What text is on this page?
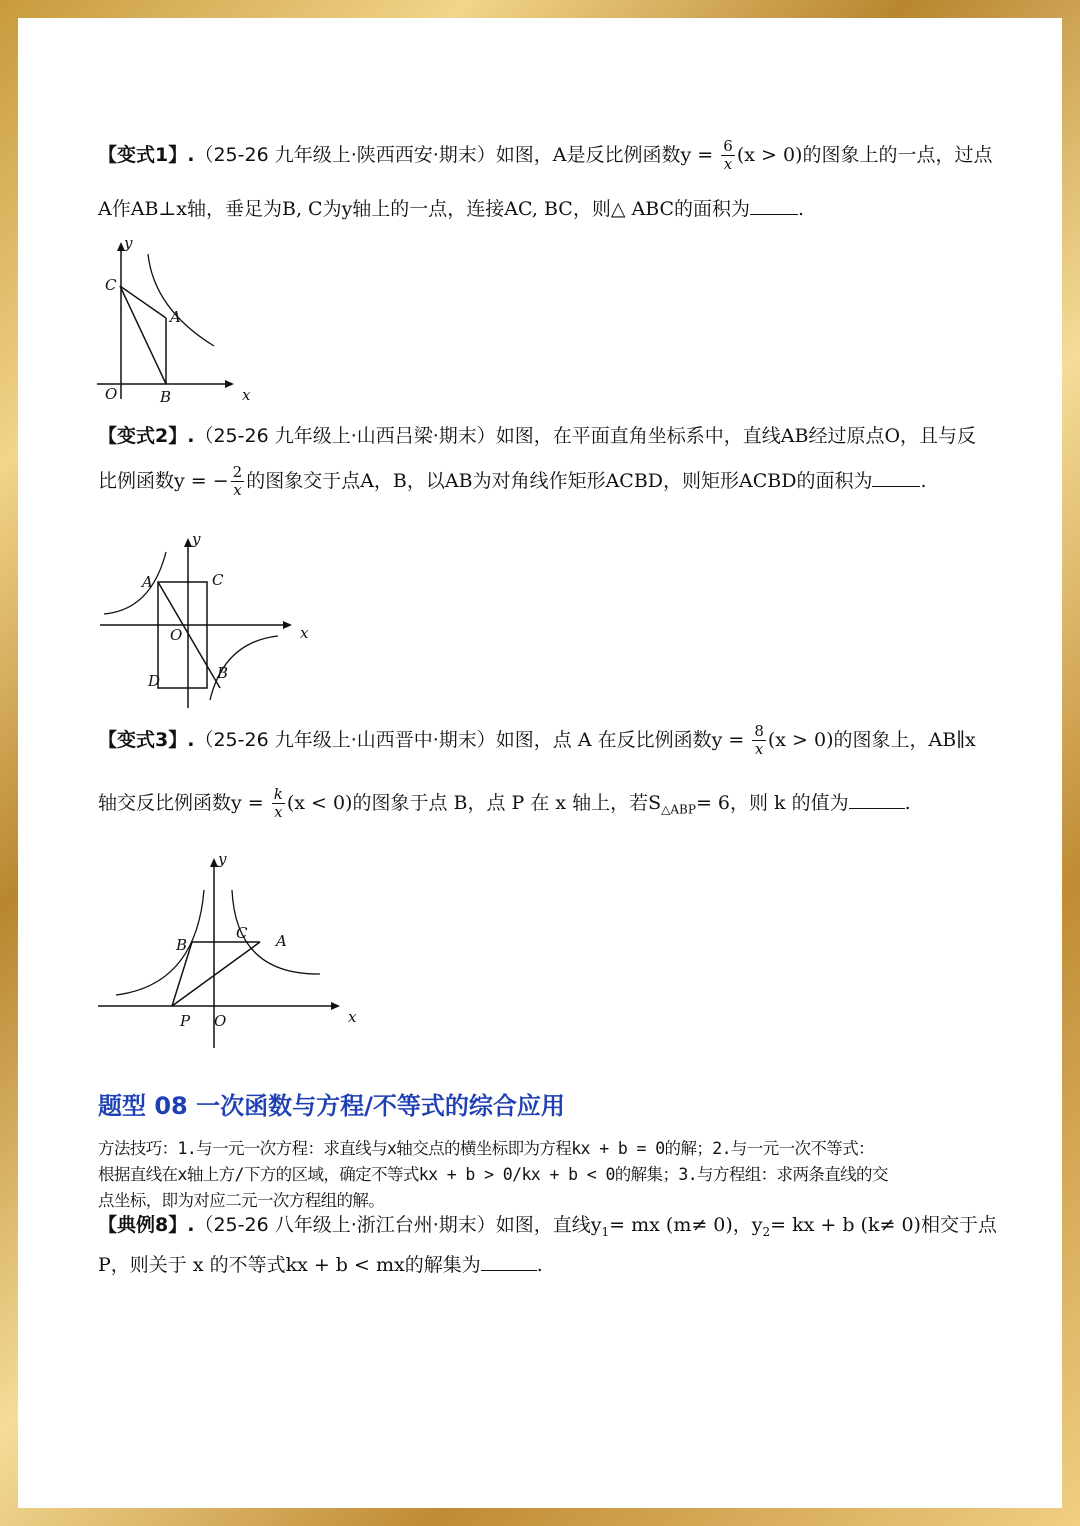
【变式1】.（25-26 九年级上·陕西西安·期末）如图，A是反比例函数$y = \frac{6}{x} (x > 0)$的图象上的一点，过点
A作AB⊥x轴，垂足为B, C为y轴上的一点，连接AC, BC，则△ ABC的面积为	.
y
x
O
C
A
B
【变式2】.（25-26 九年级上·山西吕梁·期末）如图，在平面直角坐标系中，直线AB经过原点O，且与反
比例函数y = − $\frac{2}{x}$ 的图象交于点A，B，以AB为对角线作矩形ACBD，则矩形ACBD的面积为	.
y
x
O
A	C
D	B
【变式3】.（25-26 九年级上·山西晋中·期末）如图，点 A 在反比例函数$y = \frac{8}{x} (x > 0)$的图象上，AB∥x
轴交反比例函数$y = \frac{k}{x} (x < 0)$的图象于点 B，点 P 在 x 轴上，若$S_{\triangle ABP}= 6$，则 k 的值为	.
y
x
O
P
B
C A
题型 08 一次函数与方程/不等式的综合应用
方法技巧：1.与一元一次方程：求直线与x轴交点的横坐标即为方程kx + b = 0的解；2.与一元一次不等式：
根据直线在x轴上方/下方的区域，确定不等式kx + b > 0/kx + b < 0的解集；3.与方程组：求两条直线的交
点坐标，即为对应二元一次方程组的解。
【典例8】.（25-26 八年级上·浙江台州·期末）如图，直线$y_1=$ mx (m≠ 0)，$y_2=$ kx + b (k≠ 0)相交于点
P，则关于 x 的不等式kx + b < mx的解集为	.
